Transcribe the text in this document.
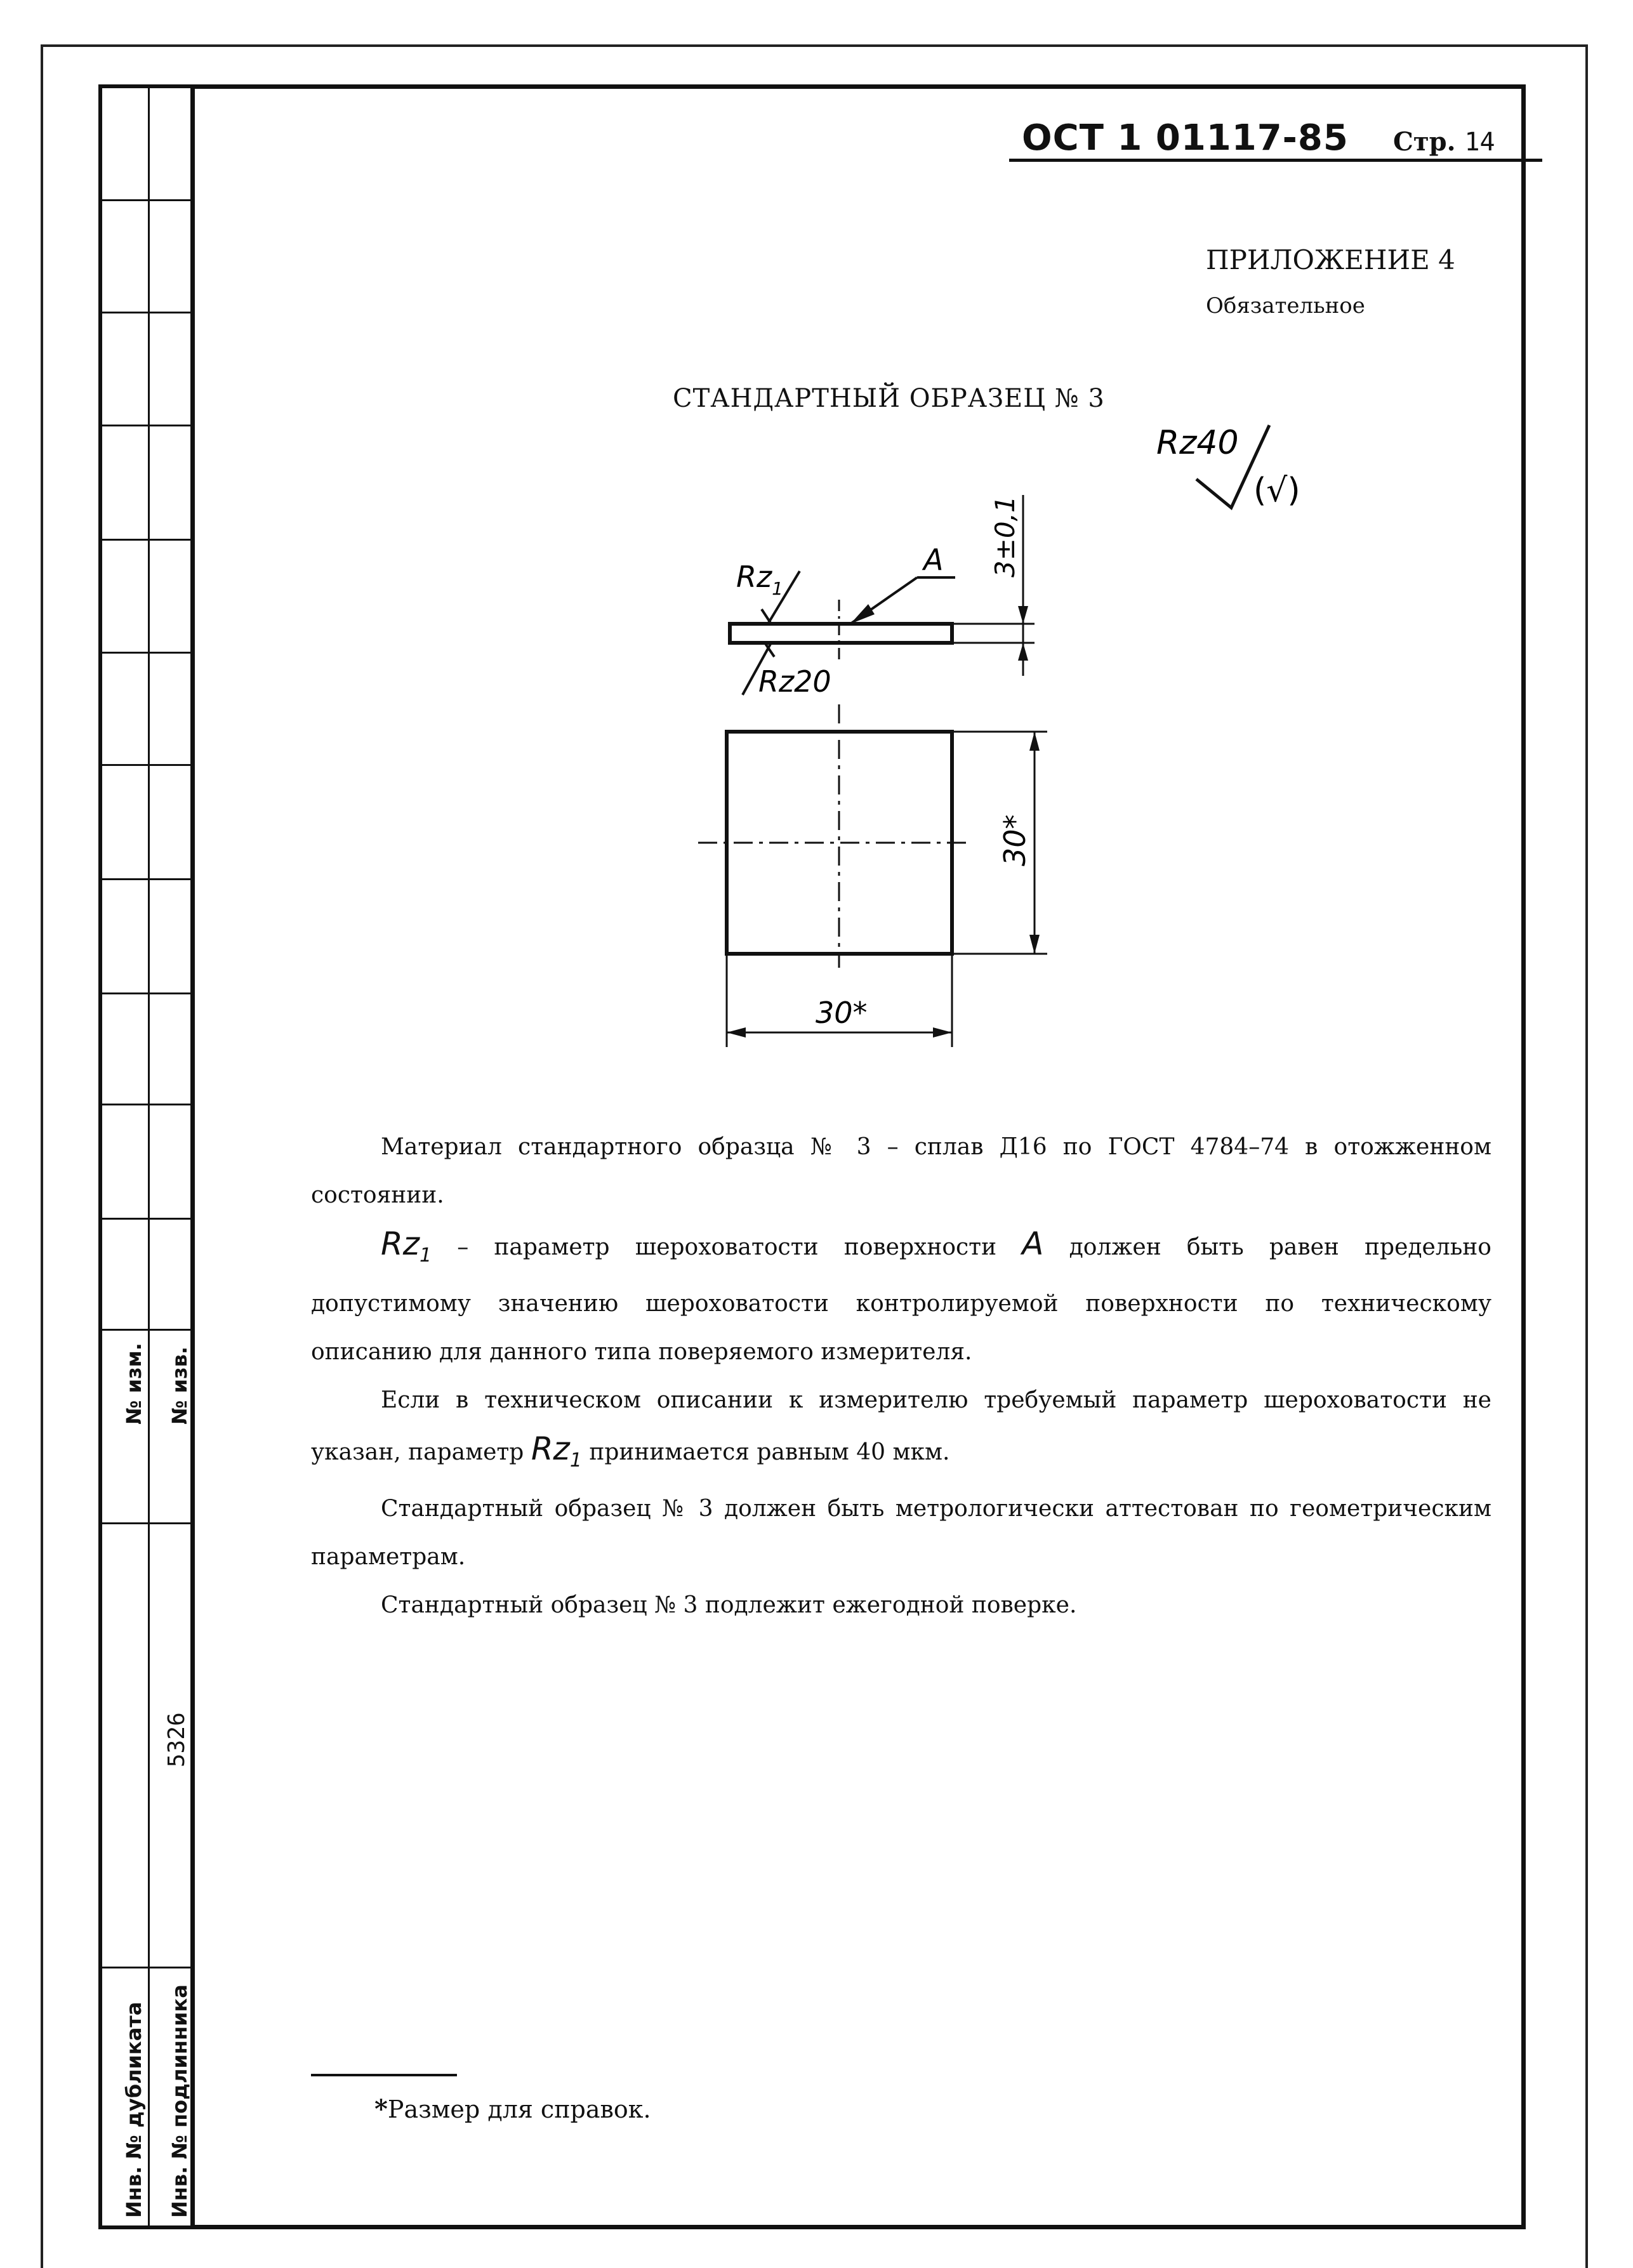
№ изм. № изв.
5326
Инв. № дубликата Инв. № подлинника
ОСТ 1 01117-85 Стр. 14
ПРИЛОЖЕНИЕ 4
Обязательное
СТАНДАРТНЫЙ ОБРАЗЕЦ № 3
Rz40
(√)
$Rz_1$
A
Rz20
3±0,1
30*
30*

Материал стандартного образца № 3 – сплав Д16 по ГОСТ 4784–74 в отожженном состоянии.

$Rz_1$ – параметр шероховатости поверхности A должен быть равен предельно допустимому значению шероховатости контролируемой поверхности по техническому описанию для данного типа поверяемого измерителя.

Если в техническом описании к измерителю требуемый параметр шероховатости не указан, параметр $Rz_1$ принимается равным 40 мкм.

Стандартный образец № 3 должен быть метрологически аттестован по геометрическим параметрам.

Стандартный образец № 3 подлежит ежегодной поверке.

*Размер для справок.
